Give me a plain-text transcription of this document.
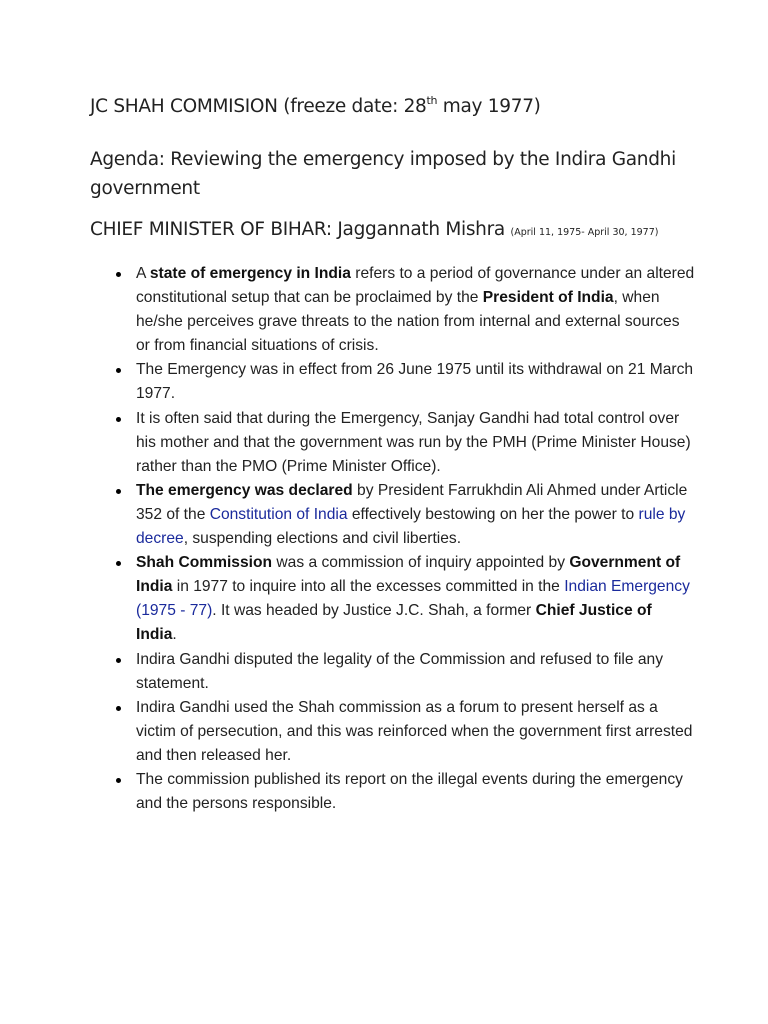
JC SHAH COMMISION (freeze date: 28th may 1977)

Agenda: Reviewing the emergency imposed by the Indira Gandhi government

CHIEF MINISTER OF BIHAR: Jaggannath Mishra (April 11, 1975- April 30, 1977)

A state of emergency in India refers to a period of governance under an altered constitutional setup that can be proclaimed by the President of India, when he/she perceives grave threats to the nation from internal and external sources or from financial situations of crisis.
The Emergency was in effect from 26 June 1975 until its withdrawal on 21 March 1977.
It is often said that during the Emergency, Sanjay Gandhi had total control over his mother and that the government was run by the PMH (Prime Minister House) rather than the PMO (Prime Minister Office).
The emergency was declared by President Farrukhdin Ali Ahmed under Article 352 of the Constitution of India effectively bestowing on her the power to rule by decree, suspending elections and civil liberties.
Shah Commission was a commission of inquiry appointed by Government of India in 1977 to inquire into all the excesses committed in the Indian Emergency (1975 - 77). It was headed by Justice J.C. Shah, a former Chief Justice of India.
Indira Gandhi disputed the legality of the Commission and refused to file any statement.
Indira Gandhi used the Shah commission as a forum to present herself as a victim of persecution, and this was reinforced when the government first arrested and then released her.
The commission published its report on the illegal events during the emergency and the persons responsible.
